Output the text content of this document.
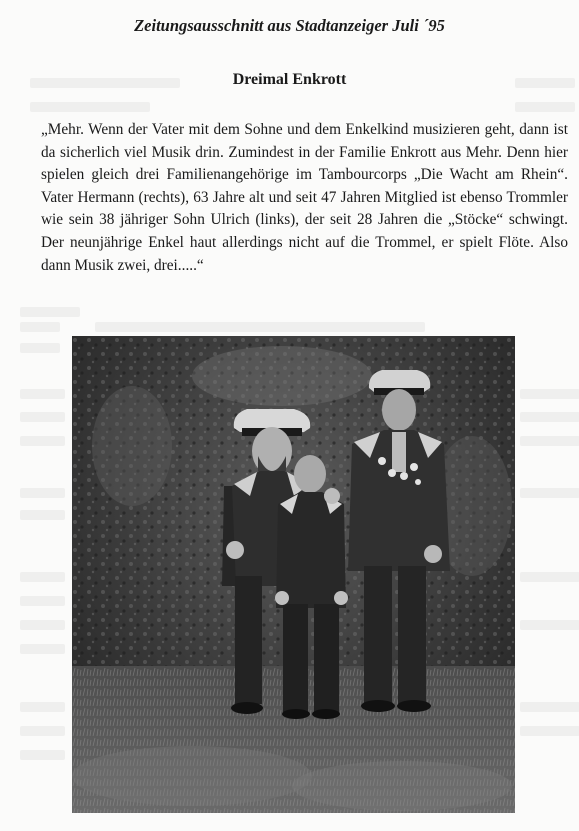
Zeitungsausschnitt aus Stadtanzeiger Juli ´95
Dreimal Enkrott

„Mehr. Wenn der Vater mit dem Sohne und dem Enkelkind musizieren geht, dann ist da sicherlich viel Musik drin. Zumindest in der Familie Enkrott aus Mehr. Denn hier spielen gleich drei Familienangehörige im Tambourcorps „Die Wacht am Rhein“. Vater Hermann (rechts), 63 Jahre alt und seit 47 Jahren Mitglied ist ebenso Trommler wie sein 38 jähriger Sohn Ulrich (links), der seit 28 Jahren die „Stöcke“ schwingt. Der neunjährige Enkel haut allerdings nicht auf die Trommel, er spielt Flöte. Also dann Musik zwei, drei.....“
